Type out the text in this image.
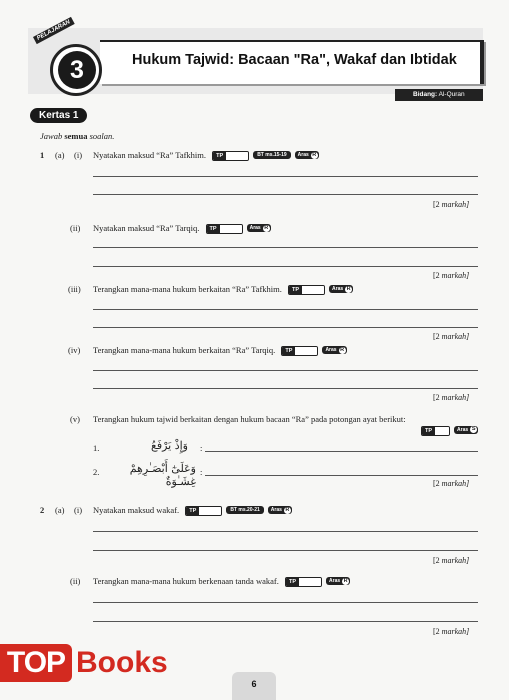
Hukum Tajwid: Bacaan "Ra", Wakaf dan Ibtidak
3
PELAJARAN
Bidang: Al-Quran
Kertas 1
Jawab semua soalan.
1 (a) (i) Nyatakan maksud “Ra” Tafkhim.	TP	BT ms.15-19	Aras R
[2 markah]
(ii) Nyatakan maksud “Ra” Tarqiq.	TP	Aras R
[2 markah]
(iii) Terangkan mana-mana hukum berkaitan “Ra” Tafkhim.	TP	Aras R
[2 markah]
(iv) Terangkan mana-mana hukum berkaitan “Ra” Tarqiq.	TP	Aras R
[2 markah]
(v) Terangkan hukum tajwid berkaitan dengan hukum bacaan “Ra” pada potongan ayat berikut:
TP	Aras S
1.	وَإِذْ يَرْفَعُ :
2.	وَعَلَىٰٓ أَبْصَـٰرِهِمْ غِشَـٰوَةٌ
:
[2 markah]
2 (a) (i) Nyatakan maksud wakaf.	TP	BT ms.20-21	Aras R
[2 markah]
(ii) Terangkan mana-mana hukum berkenaan tanda wakaf.	TP	Aras R
[2 markah]
TOP Books
6
